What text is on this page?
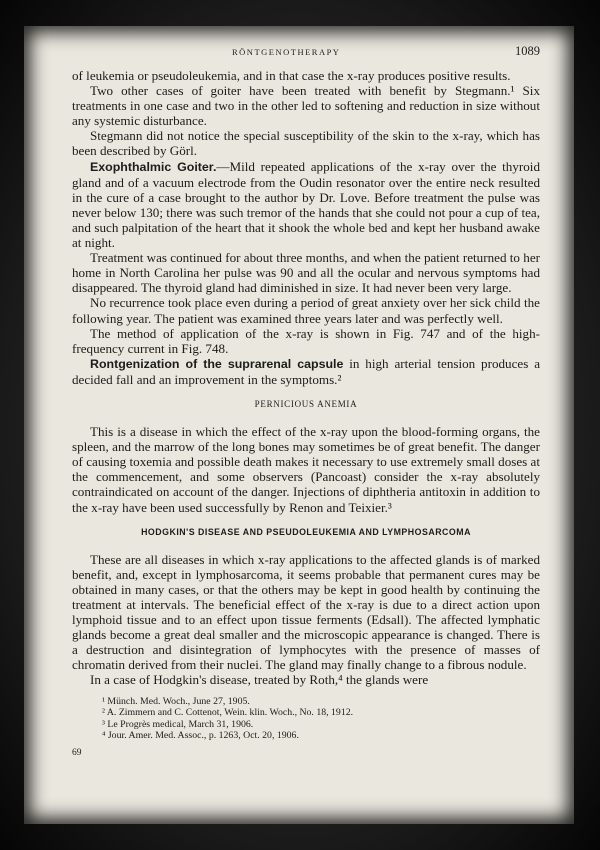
RÖNTGENOTHERAPY	1089

of leukemia or pseudoleukemia, and in that case the x-ray produces positive results.

Two other cases of goiter have been treated with benefit by Stegmann.¹ Six treatments in one case and two in the other led to softening and reduction in size without any systemic disturbance.

Stegmann did not notice the special susceptibility of the skin to the x-ray, which has been described by Görl.

Exophthalmic Goiter.—Mild repeated applications of the x-ray over the thyroid gland and of a vacuum electrode from the Oudin resonator over the entire neck resulted in the cure of a case brought to the author by Dr. Love. Before treatment the pulse was never below 130; there was such tremor of the hands that she could not pour a cup of tea, and such palpitation of the heart that it shook the whole bed and kept her husband awake at night.

Treatment was continued for about three months, and when the patient returned to her home in North Carolina her pulse was 90 and all the ocular and nervous symptoms had disappeared. The thyroid gland had diminished in size. It had never been very large.

No recurrence took place even during a period of great anxiety over her sick child the following year. The patient was examined three years later and was perfectly well.

The method of application of the x-ray is shown in Fig. 747 and of the high-frequency current in Fig. 748.

Rontgenization of the suprarenal capsule in high arterial tension produces a decided fall and an improvement in the symptoms.²

PERNICIOUS ANEMIA

This is a disease in which the effect of the x-ray upon the blood-forming organs, the spleen, and the marrow of the long bones may sometimes be of great benefit. The danger of causing toxemia and possible death makes it necessary to use extremely small doses at the commencement, and some observers (Pancoast) consider the x-ray absolutely contraindicated on account of the danger. Injections of diphtheria antitoxin in addition to the x-ray have been used successfully by Renon and Teixier.³

HODGKIN'S DISEASE AND PSEUDOLEUKEMIA AND LYMPHOSARCOMA

These are all diseases in which x-ray applications to the affected glands is of marked benefit, and, except in lymphosarcoma, it seems probable that permanent cures may be obtained in many cases, or that the others may be kept in good health by continuing the treatment at intervals. The beneficial effect of the x-ray is due to a direct action upon lymphoid tissue and to an effect upon tissue ferments (Edsall). The affected lymphatic glands become a great deal smaller and the microscopic appearance is changed. There is a destruction and disintegration of lymphocytes with the presence of masses of chromatin derived from their nuclei. The gland may finally change to a fibrous nodule.

In a case of Hodgkin's disease, treated by Roth,⁴ the glands were

¹ Münch. Med. Woch., June 27, 1905.
² A. Zimmern and C. Cottenot, Wein. klin. Woch., No. 18, 1912.
³ Le Progrès medical, March 31, 1906.
⁴ Jour. Amer. Med. Assoc., p. 1263, Oct. 20, 1906.
69
